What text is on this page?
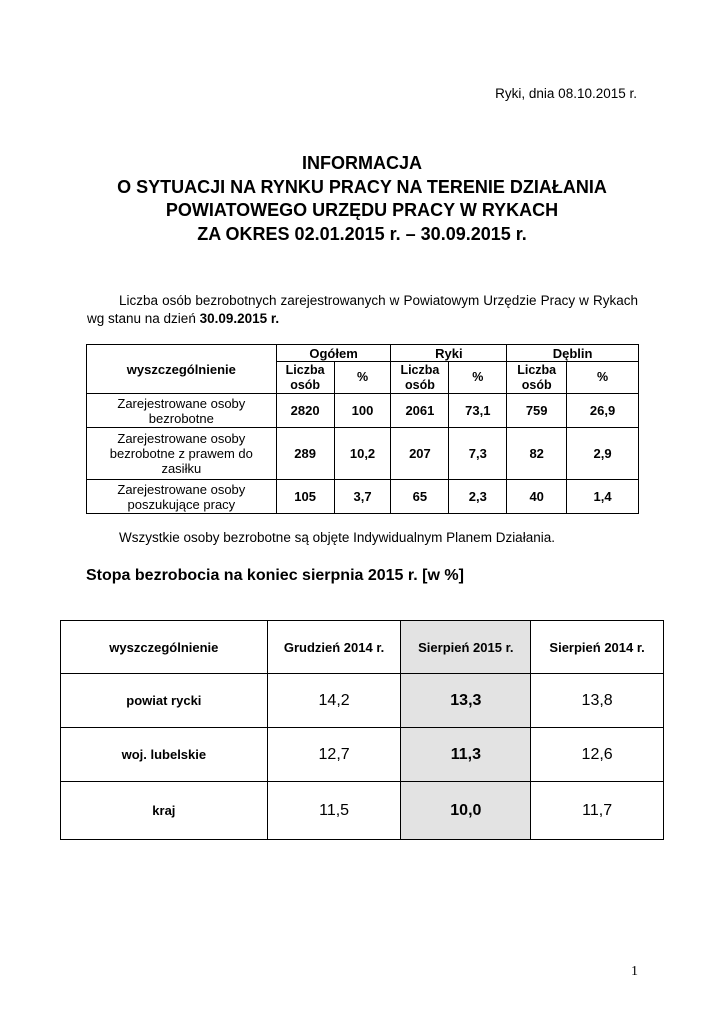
Ryki, dnia 08.10.2015 r.
INFORMACJA
O SYTUACJI NA RYNKU PRACY NA TERENIE DZIAŁANIA
POWIATOWEGO URZĘDU PRACY W RYKACH
ZA OKRES 02.01.2015 r. – 30.09.2015 r.

Liczba osób bezrobotnych zarejestrowanych w Powiatowym Urzędzie Pracy w Rykach wg stanu na dzień 30.09.2015 r.

wyszczególnienie	Ogółem		Ryki		Dęblin	
	Liczba osób	%	Liczba osób	%	Liczba osób	%
Zarejestrowane osoby bezrobotne	2820	100	2061	73,1	759	26,9
Zarejestrowane osoby bezrobotne z prawem do zasiłku	289	10,2	207	7,3	82	2,9
Zarejestrowane osoby poszukujące pracy	105	3,7	65	2,3	40	1,4
Wszystkie osoby bezrobotne są objęte Indywidualnym Planem Działania.
Stopa bezrobocia na koniec sierpnia 2015 r. [w %]
wyszczególnienie	Grudzień 2014 r.	Sierpień 2015 r.	Sierpień 2014 r.
powiat rycki	14,2	13,3	13,8
woj. lubelskie	12,7	11,3	12,6
kraj	11,5	10,0	11,7
1
